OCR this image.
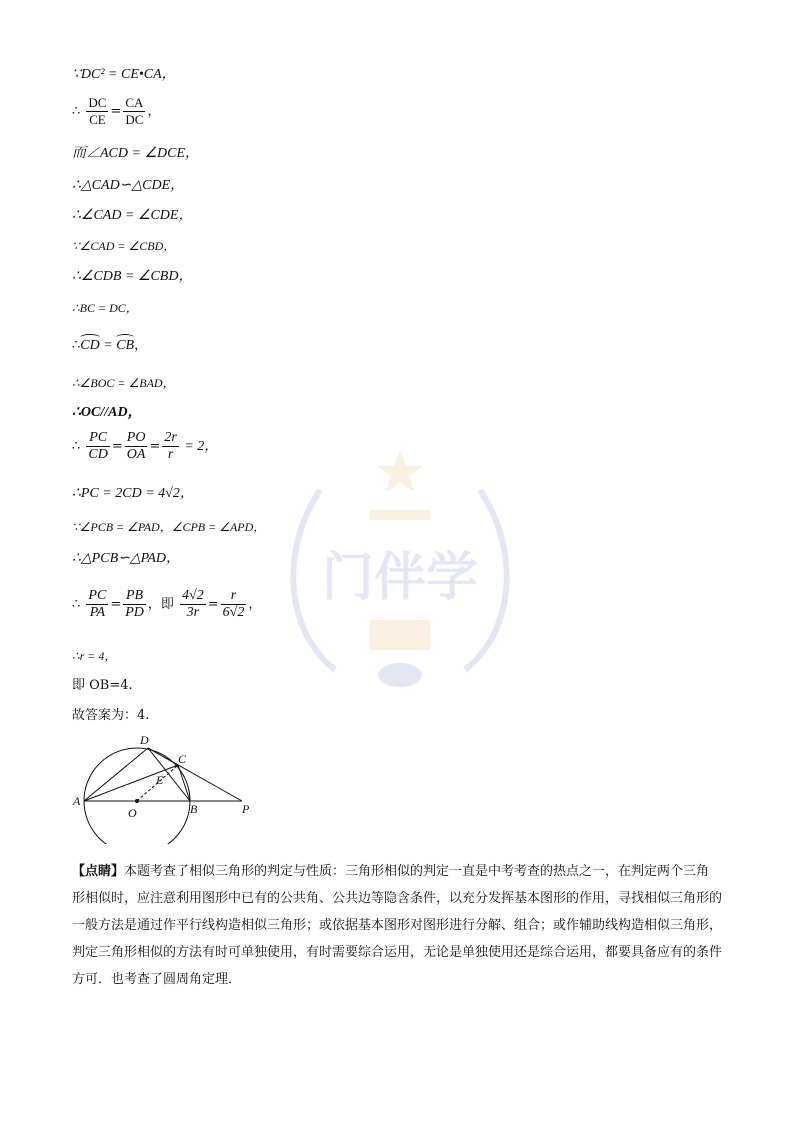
门伴学
∵DC² = CE•CA，
∴ $\frac{DC}{CE} = \frac{CA}{DC}$ ，
而∠ACD = ∠DCE，
∴△CAD∽△CDE，
∴∠CAD = ∠CDE，
∵∠CAD = ∠CBD，
∴∠CDB = ∠CBD，
∴BC = DC，
∴CD = CB，
∴∠BOC = ∠BAD，
∴OC//AD，
∴ $\frac{PC}{CD} = \frac{PO}{OA} = \frac{2r}{r} = 2$，
∴PC = 2CD = 4√2，
∵∠PCB = ∠PAD，∠CPB = ∠APD，
∴△PCB∽△PAD，
∴ $\frac{PC}{PA} = \frac{PB}{PD}$ ，即 $\frac{4√2}{3r} = \frac{r}{6√2}$ ，
∴r = 4，
即 OB=4.
故答案为：4.
D
C
E
A
O	B	P
【点睛】本题考查了相似三角形的判定与性质：三角形相似的判定一直是中考考查的热点之一，在判定两个三角形相似时，应注意利用图形中已有的公共角、公共边等隐含条件，以充分发挥基本图形的作用，寻找相似三角形的一般方法是通过作平行线构造相似三角形；或依据基本图形对图形进行分解、组合；或作辅助线构造相似三角形，判定三角形相似的方法有时可单独使用，有时需要综合运用，无论是单独使用还是综合运用，都要具备应有的条件方可．也考查了圆周角定理．
